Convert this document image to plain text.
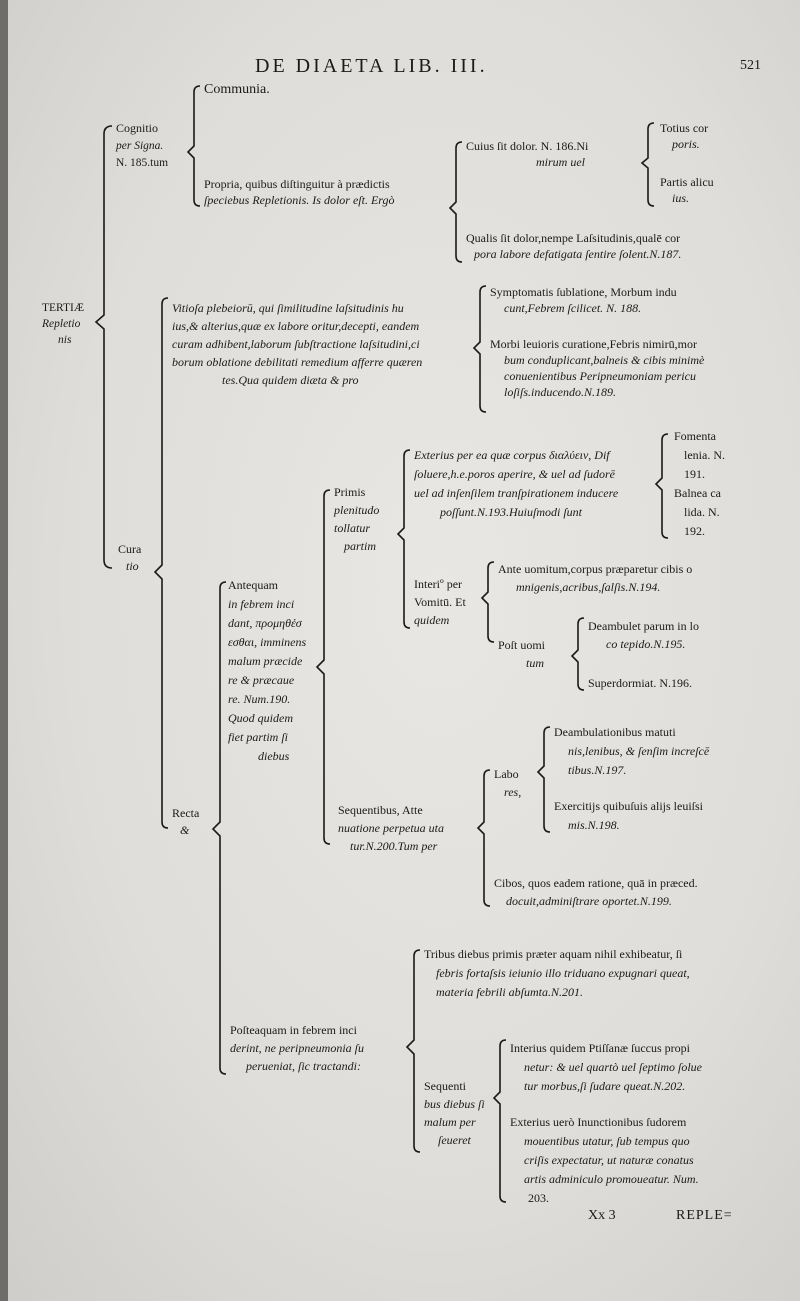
DE DIAETA LIB. III.	521
TERTIÆ
Repletio
nis
Cognitio
per Signa.
N. 185.tum
Communia.
Propria, quibus diſtinguitur à prædictis
ſpeciebus Repletionis. Is dolor eſt. Ergò
Cuius ſit dolor. N. 186.Ni
mirum uel
Totius cor
poris.
Partis alicu
ius.
Qualis ſit dolor,nempe Laſsitudinis,qualē cor
pora labore defatigata ſentire ſolent.N.187.
Cura
tio
Vitioſa plebeiorū, qui ſimilitudine laſsitudinis hu
ius,& alterius,quæ ex labore oritur,decepti, eandem
curam adhibent,laborum ſubſtractione laſsitudini,ci
borum oblatione debilitati remedium afferre quæren
tes.Qua quidem diæta & pro
Symptomatis ſublatione, Morbum indu
cunt,Febrem ſcilicet. N. 188.
Morbi leuioris curatione,Febris nimirū,mor
bum conduplicant,balneis & cibis minimè
conuenientibus Peripneumoniam pericu
loſiſs.inducendo.N.189.
Recta
&
Antequam
in febrem inci
dant, προμηθέσ
εσθαι, imminens
malum præcide
re & præcaue
re. Num.190.
Quod quidem
fiet partim ſi
diebus
Primis
plenitudo
tollatur
partim
Exterius per ea quæ corpus διαλύειν, Dif
ſoluere,h.e.poros aperire, & uel ad ſudorē
uel ad inſenſilem tranſpirationem inducere
poſſunt.N.193.Huiuſmodi ſunt
Fomenta
lenia. N.
191.
Balnea ca
lida. N.
192.
Interiº per
Vomitū. Et
quidem
Ante uomitum,corpus præparetur cibis o
mnigenis,acribus,ſalſis.N.194.
Poſt uomi
tum
Deambulet parum in lo
co tepido.N.195.
Superdormiat. N.196.
Sequentibus, Atte
nuatione perpetua uta
tur.N.200.Tum per
Labo
res,
Deambulationibus matuti
nis,lenibus, & ſenſim increſcē
tibus.N.197.
Exercitijs quibuſuis alijs leuiſsi
mis.N.198.
Cibos, quos eadem ratione, quā in præced.
docuit,adminiſtrare oportet.N.199.
Poſteaquam in febrem inci
derint, ne peripneumonia ſu
perueniat, ſic tractandi:
Tribus diebus primis præter aquam nihil exhibeatur, ſi
febris fortaſsis ieiunio illo triduano expugnari queat,
materia febrili abſumta.N.201.
Sequenti
bus diebus ſi
malum per
ſeueret
Interius quidem Ptiſſanæ ſuccus propi
netur: & uel quartò uel ſeptimo ſolue
tur morbus,ſi ſudare queat.N.202.
Exterius uerò Inunctionibus ſudorem
mouentibus utatur, ſub tempus quo
criſis expectatur, ut naturæ conatus
artis adminiculo promoueatur. Num.
203.
Xx 3	REPLE=
